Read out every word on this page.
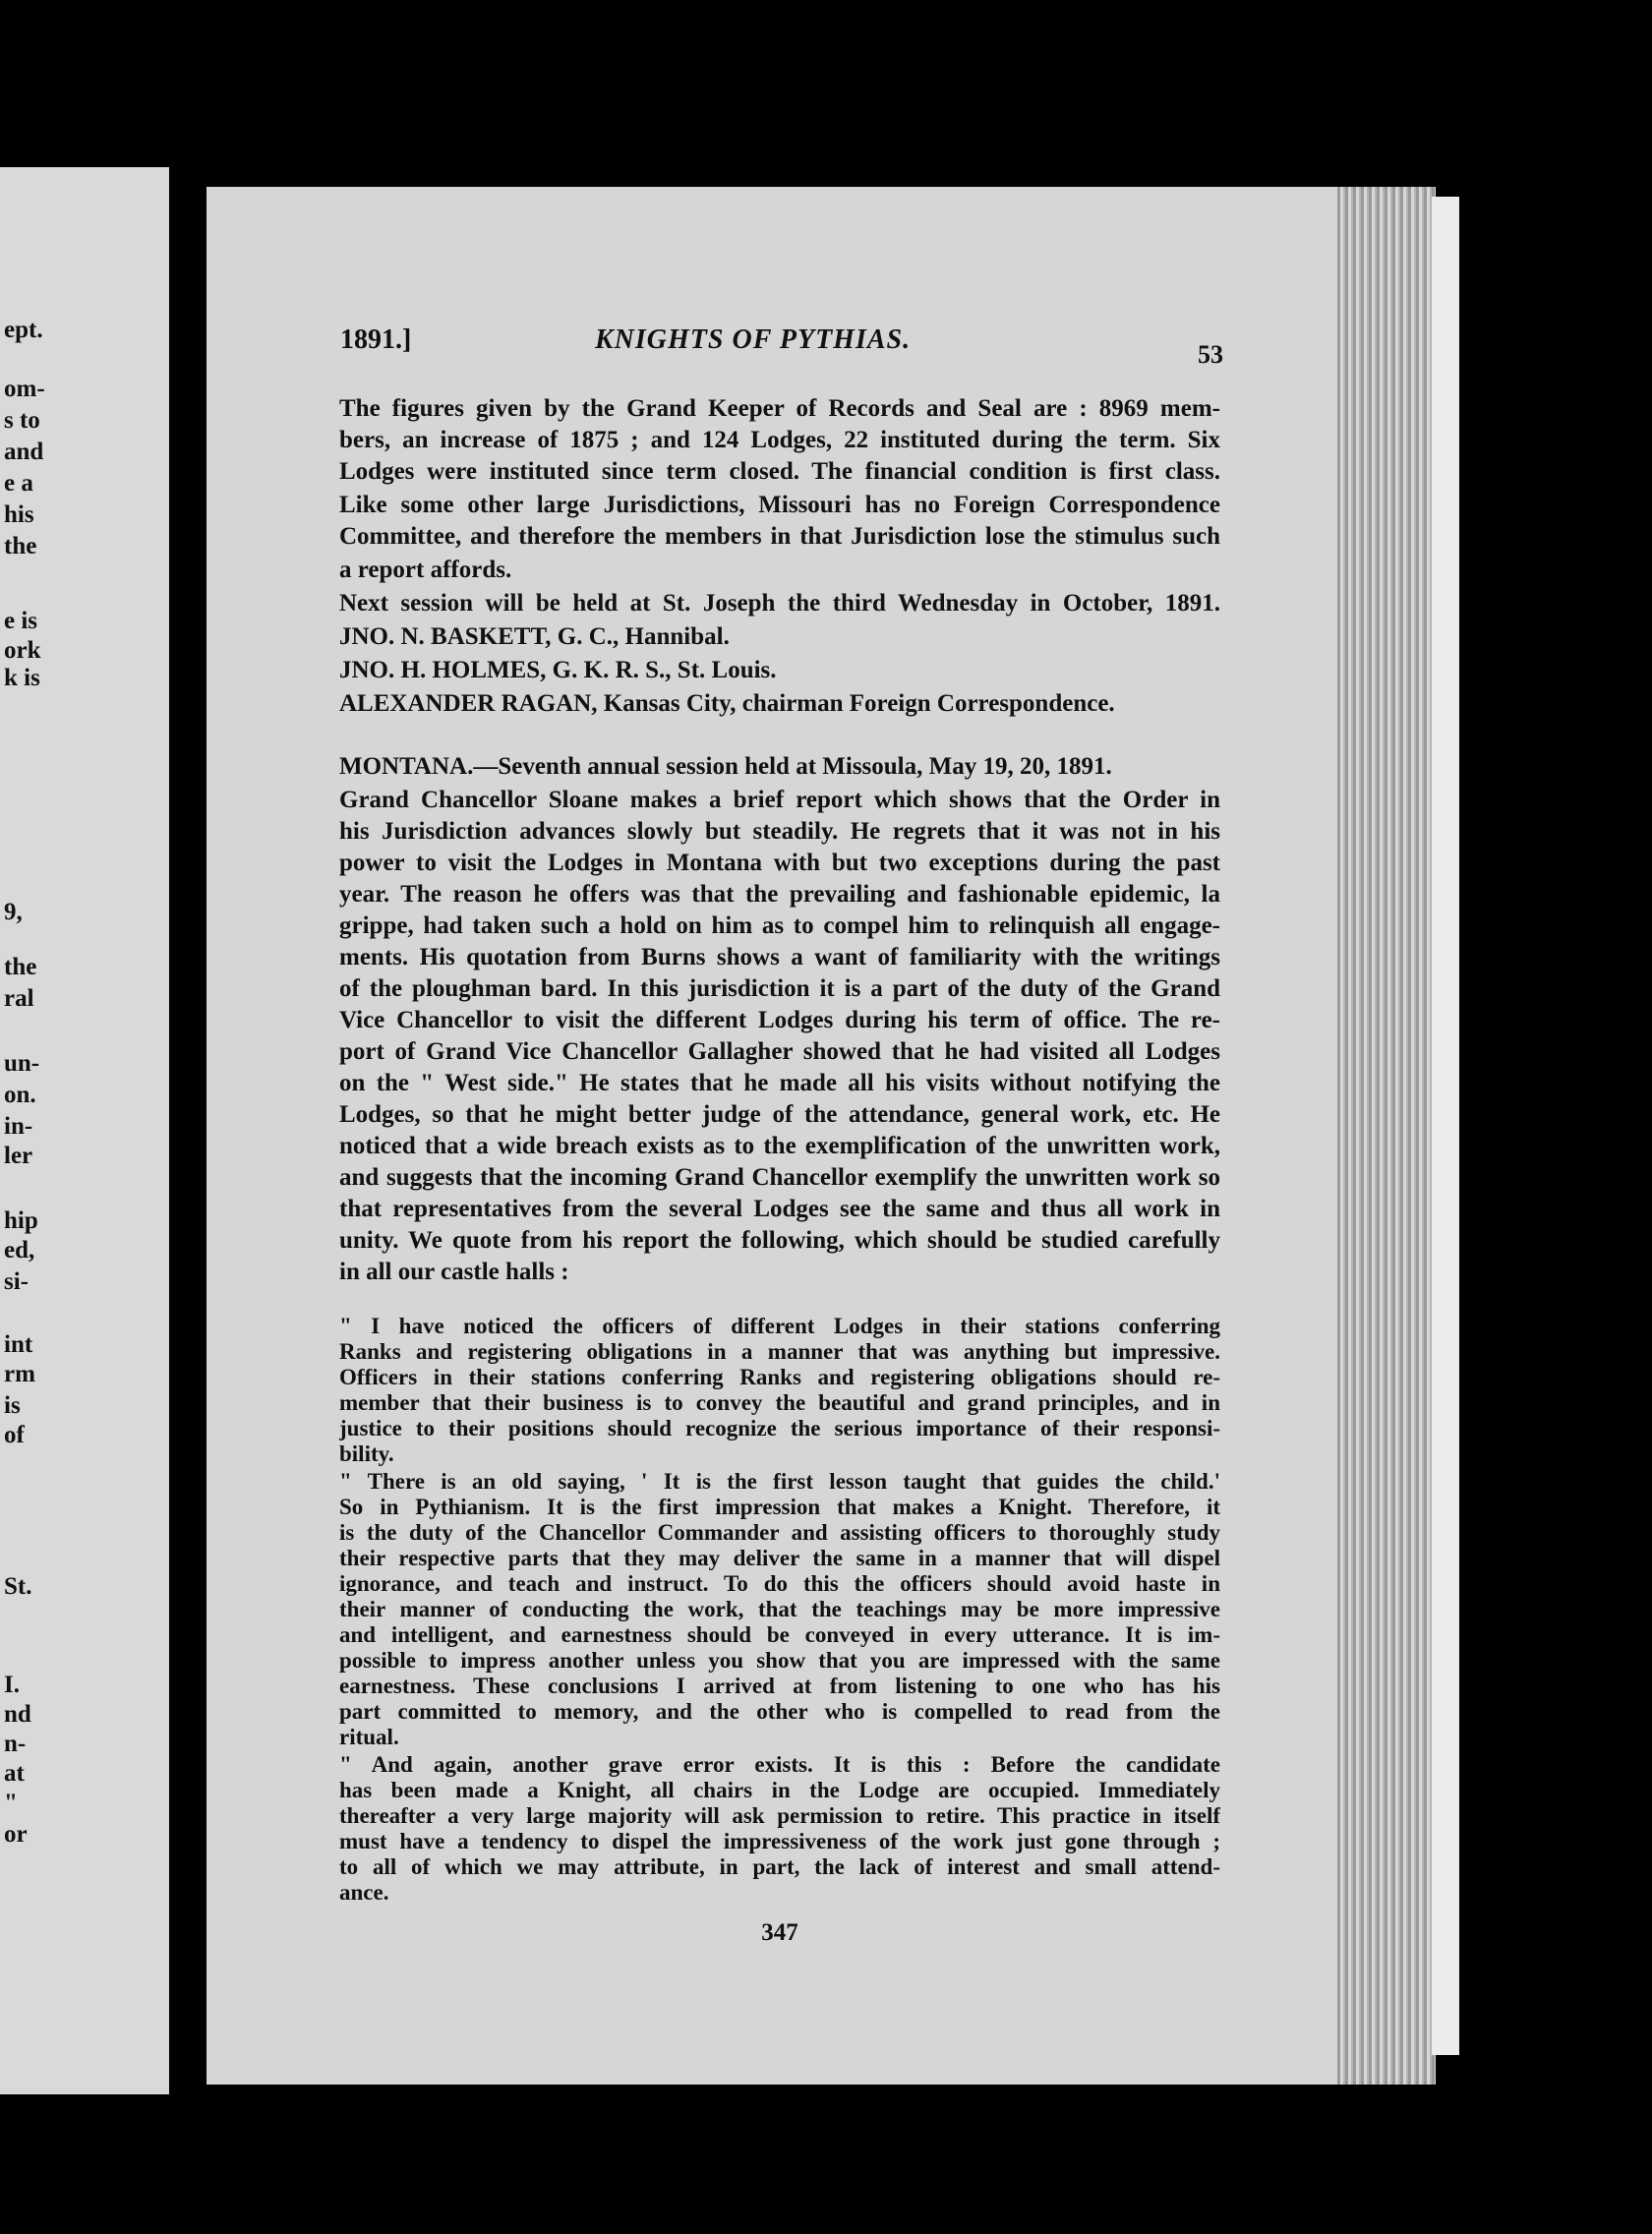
ept.
om-
s to
and
e a
his
the
e is
ork
k is
9,
the
ral
un-
on.
in-
ler
hip
ed,
si-
int
rm
is
of
St.
I.
nd
n-
at
"
or
1891.]	KNIGHTS OF PYTHIAS.	53
The figures given by the Grand Keeper of Records and Seal are : 8969 mem-
bers, an increase of 1875 ; and 124 Lodges, 22 instituted during the term. Six
Lodges were instituted since term closed. The financial condition is first class.
Like some other large Jurisdictions, Missouri has no Foreign Correspondence
Committee, and therefore the members in that Jurisdiction lose the stimulus such
a report affords.
Next session will be held at St. Joseph the third Wednesday in October, 1891.
JNO. N. BASKETT, G. C., Hannibal.
JNO. H. HOLMES, G. K. R. S., St. Louis.
ALEXANDER RAGAN, Kansas City, chairman Foreign Correspondence.
MONTANA.—Seventh annual session held at Missoula, May 19, 20, 1891.
Grand Chancellor Sloane makes a brief report which shows that the Order in
his Jurisdiction advances slowly but steadily. He regrets that it was not in his
power to visit the Lodges in Montana with but two exceptions during the past
year. The reason he offers was that the prevailing and fashionable epidemic, la
grippe, had taken such a hold on him as to compel him to relinquish all engage-
ments. His quotation from Burns shows a want of familiarity with the writings
of the ploughman bard. In this jurisdiction it is a part of the duty of the Grand
Vice Chancellor to visit the different Lodges during his term of office. The re-
port of Grand Vice Chancellor Gallagher showed that he had visited all Lodges
on the " West side." He states that he made all his visits without notifying the
Lodges, so that he might better judge of the attendance, general work, etc. He
noticed that a wide breach exists as to the exemplification of the unwritten work,
and suggests that the incoming Grand Chancellor exemplify the unwritten work so
that representatives from the several Lodges see the same and thus all work in
unity. We quote from his report the following, which should be studied carefully
in all our castle halls :
" I have noticed the officers of different Lodges in their stations conferring
Ranks and registering obligations in a manner that was anything but impressive.
Officers in their stations conferring Ranks and registering obligations should re-
member that their business is to convey the beautiful and grand principles, and in
justice to their positions should recognize the serious importance of their responsi-
bility.
" There is an old saying, ' It is the first lesson taught that guides the child.'
So in Pythianism. It is the first impression that makes a Knight. Therefore, it
is the duty of the Chancellor Commander and assisting officers to thoroughly study
their respective parts that they may deliver the same in a manner that will dispel
ignorance, and teach and instruct. To do this the officers should avoid haste in
their manner of conducting the work, that the teachings may be more impressive
and intelligent, and earnestness should be conveyed in every utterance. It is im-
possible to impress another unless you show that you are impressed with the same
earnestness. These conclusions I arrived at from listening to one who has his
part committed to memory, and the other who is compelled to read from the
ritual.
" And again, another grave error exists. It is this : Before the candidate
has been made a Knight, all chairs in the Lodge are occupied. Immediately
thereafter a very large majority will ask permission to retire. This practice in itself
must have a tendency to dispel the impressiveness of the work just gone through ;
to all of which we may attribute, in part, the lack of interest and small attend-
ance.
347
